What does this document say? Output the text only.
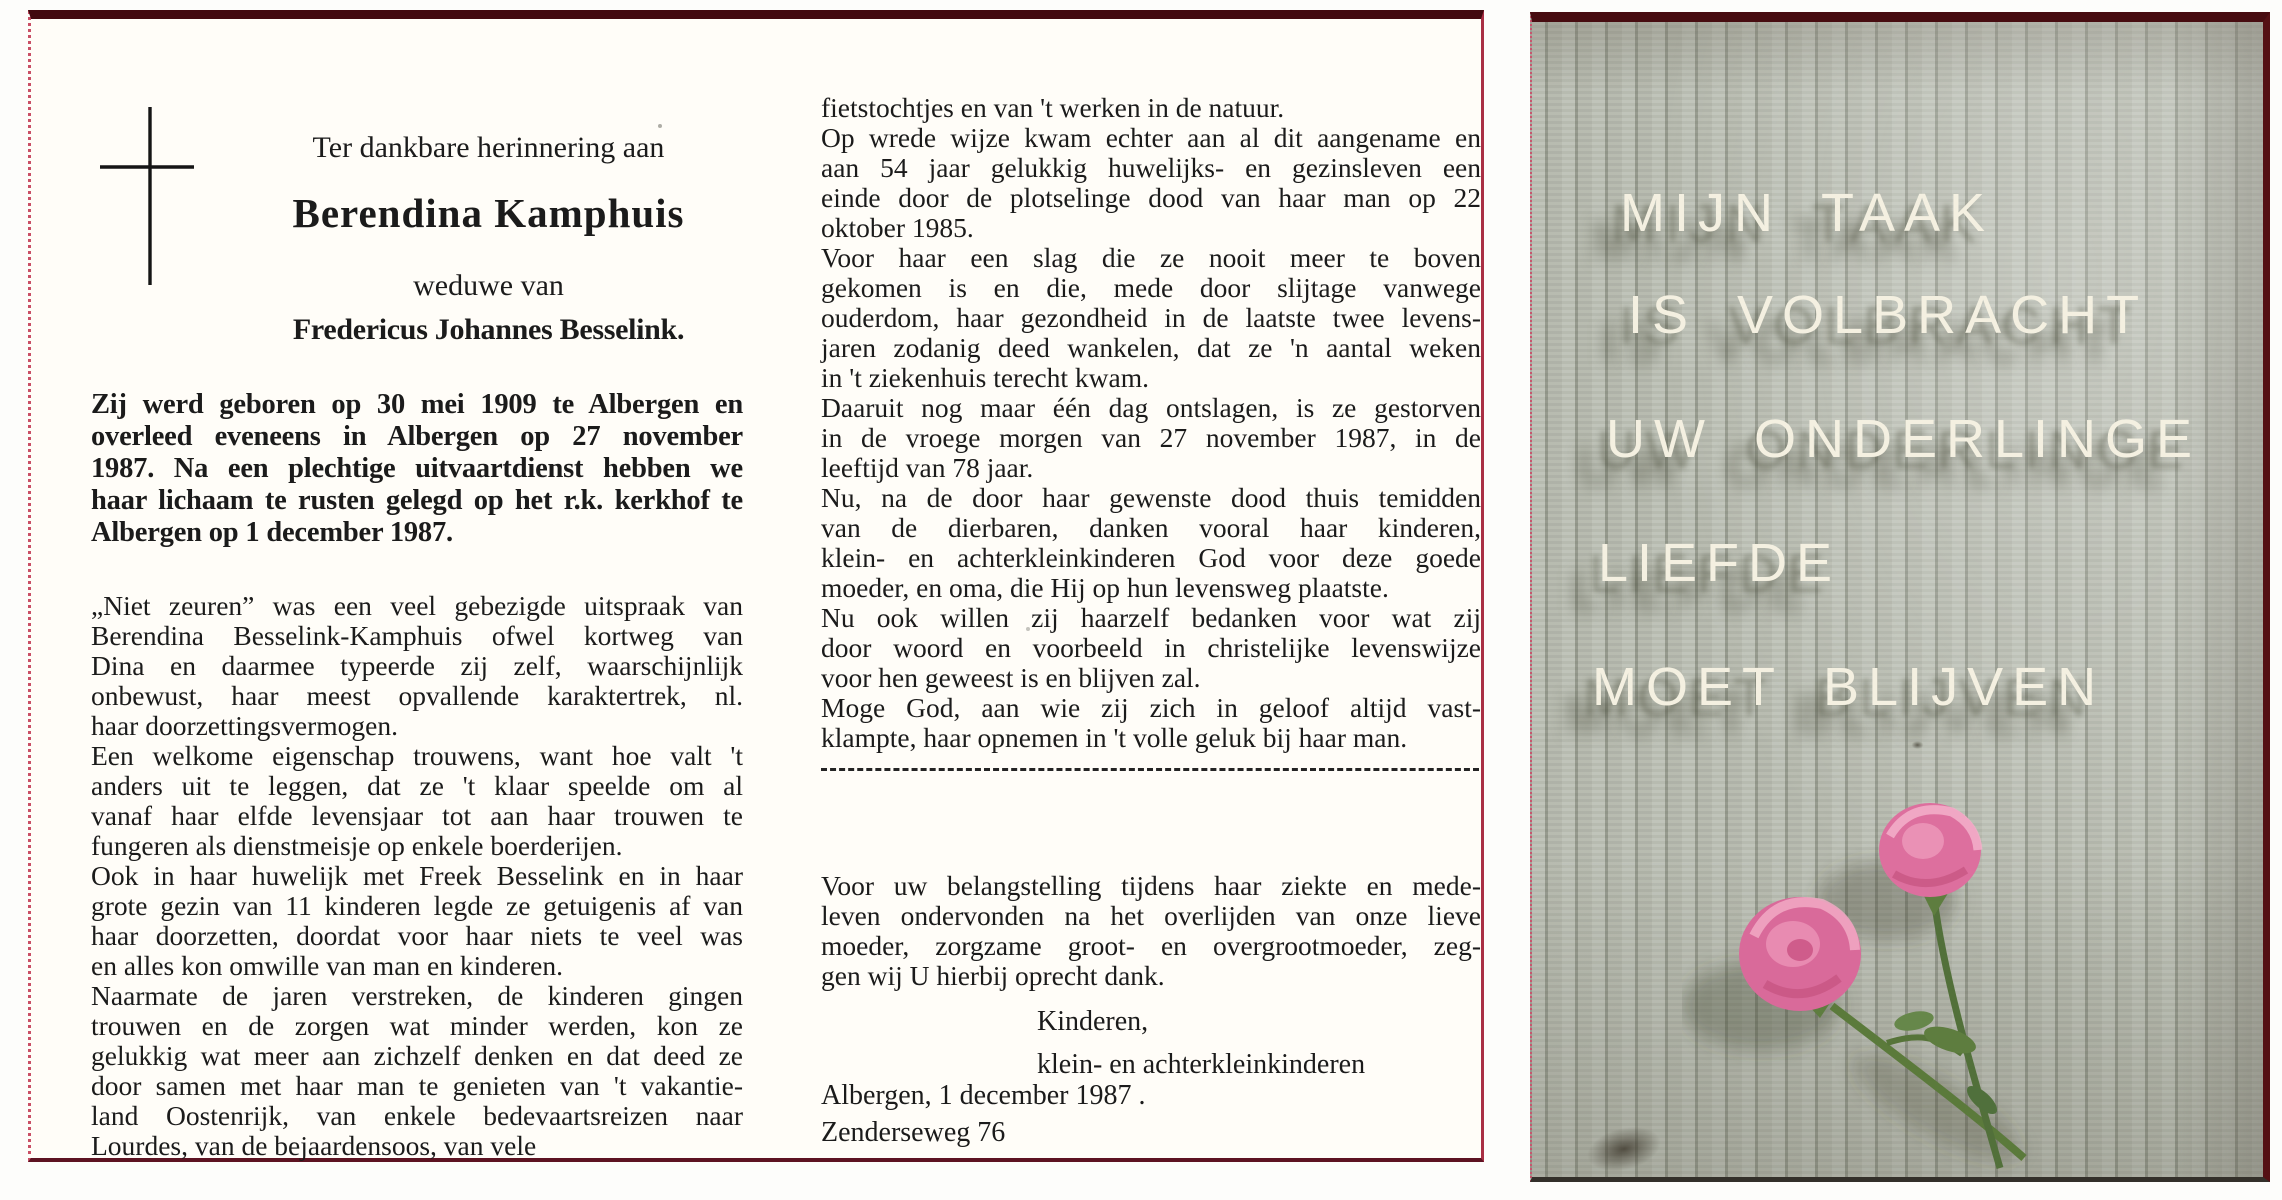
Ter dankbare herinnering aan
Berendina Kamphuis
weduwe van
Fredericus Johannes Besselink.
Zij werd geboren op 30 mei 1909 te Albergen en
overleed eveneens in Albergen op 27 november
1987. Na een plechtige uitvaartdienst hebben we
haar lichaam te rusten gelegd op het r.k. kerkhof te
Albergen op 1 december 1987.
„Niet zeuren” was een veel gebezigde uitspraak van
Berendina Besselink-Kamphuis ofwel kortweg van
Dina en daarmee typeerde zij zelf, waarschijnlijk
onbewust, haar meest opvallende karaktertrek, nl.
haar doorzettingsvermogen.
Een welkome eigenschap trouwens, want hoe valt 't
anders uit te leggen, dat ze 't klaar speelde om al
vanaf haar elfde levensjaar tot aan haar trouwen te
fungeren als dienstmeisje op enkele boerderijen.
Ook in haar huwelijk met Freek Besselink en in haar
grote gezin van 11 kinderen legde ze getuigenis af van
haar doorzetten, doordat voor haar niets te veel was
en alles kon omwille van man en kinderen.
Naarmate de jaren verstreken, de kinderen gingen
trouwen en de zorgen wat minder werden, kon ze
gelukkig wat meer aan zichzelf denken en dat deed ze
door samen met haar man te genieten van 't vakantie-
land Oostenrijk, van enkele bedevaartsreizen naar
Lourdes, van de bejaardensoos, van vele
fietstochtjes en van 't werken in de natuur.
Op wrede wijze kwam echter aan al dit aangename en
aan 54 jaar gelukkig huwelijks- en gezinsleven een
einde door de plotselinge dood van haar man op 22
oktober 1985.
Voor haar een slag die ze nooit meer te boven
gekomen is en die, mede door slijtage vanwege
ouderdom, haar gezondheid in de laatste twee levens-
jaren zodanig deed wankelen, dat ze 'n aantal weken
in 't ziekenhuis terecht kwam.
Daaruit nog maar één dag ontslagen, is ze gestorven
in de vroege morgen van 27 november 1987, in de
leeftijd van 78 jaar.
Nu, na de door haar gewenste dood thuis temidden
van de dierbaren, danken vooral haar kinderen,
klein- en achterkleinkinderen God voor deze goede
moeder, en oma, die Hij op hun levensweg plaatste.
Nu ook willen zij haarzelf bedanken voor wat zij
door woord en voorbeeld in christelijke levenswijze
voor hen geweest is en blijven zal.
Moge God, aan wie zij zich in geloof altijd vast-
klampte, haar opnemen in 't volle geluk bij haar man.
Voor uw belangstelling tijdens haar ziekte en mede-
leven ondervonden na het overlijden van onze lieve
moeder, zorgzame groot- en overgrootmoeder, zeg-
gen wij U hierbij oprecht dank.
Kinderen,
klein- en achterkleinkinderen
Albergen, 1 december 1987 .
Zenderseweg 76
MIJN TAAK
IS VOLBRACHT
UW ONDERLINGE
LIEFDE
MOET BLIJVEN
